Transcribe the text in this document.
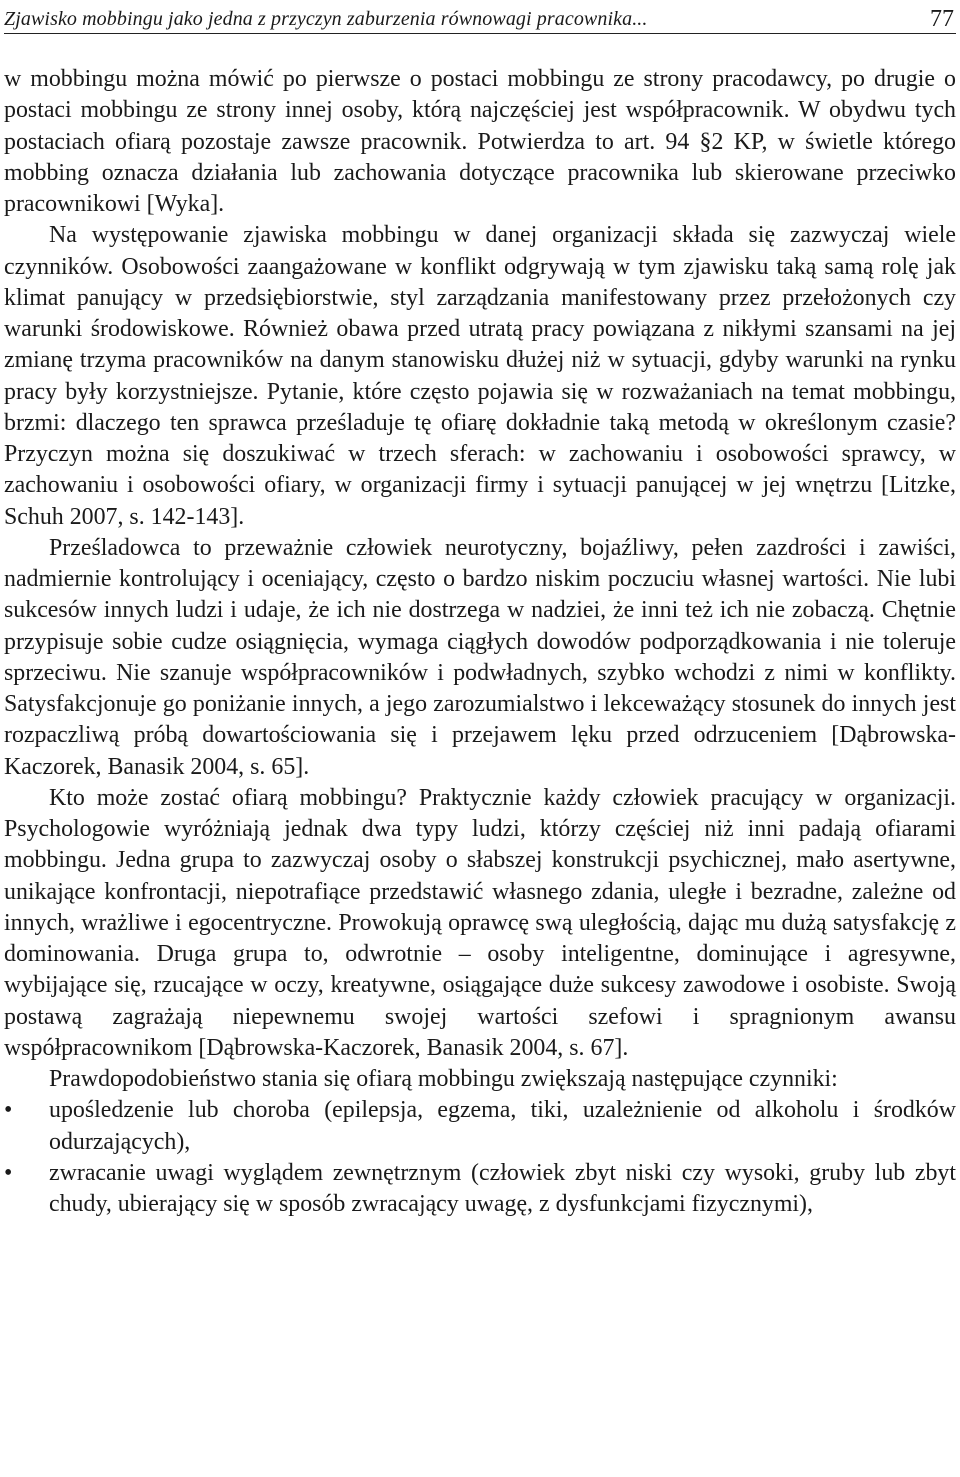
Zjawisko mobbingu jako jedna z przyczyn zaburzenia równowagi pracownika...	77

w mobbingu można mówić po pierwsze o postaci mobbingu ze strony pracodawcy, po drugie o postaci mobbingu ze strony innej osoby, którą najczęściej jest współpracownik. W obydwu tych postaciach ofiarą pozostaje zawsze pracownik. Potwierdza to art. 94 §2 KP, w świetle którego mobbing oznacza działania lub zachowania dotyczące pracownika lub skierowane przeciwko pracownikowi [Wyka].

Na występowanie zjawiska mobbingu w danej organizacji składa się zazwyczaj wiele czynników. Osobowości zaangażowane w konflikt odgrywają w tym zjawisku taką samą rolę jak klimat panujący w przedsiębiorstwie, styl zarządzania manifestowany przez przełożonych czy warunki środowiskowe. Również obawa przed utratą pracy powiązana z nikłymi szansami na jej zmianę trzyma pracowników na danym stanowisku dłużej niż w sytuacji, gdyby warunki na rynku pracy były korzystniejsze. Pytanie, które często pojawia się w rozważaniach na temat mobbingu, brzmi: dlaczego ten sprawca prześladuje tę ofiarę dokładnie taką metodą w określonym czasie? Przyczyn można się doszukiwać w trzech sferach: w zachowaniu i osobowości sprawcy, w zachowaniu i osobowości ofiary, w organizacji firmy i sytuacji panującej w jej wnętrzu [Litzke, Schuh 2007, s. 142-143].

Prześladowca to przeważnie człowiek neurotyczny, bojaźliwy, pełen zazdrości i zawiści, nadmiernie kontrolujący i oceniający, często o bardzo niskim poczuciu własnej wartości. Nie lubi sukcesów innych ludzi i udaje, że ich nie dostrzega w nadziei, że inni też ich nie zobaczą. Chętnie przypisuje sobie cudze osiągnięcia, wymaga ciągłych dowodów podporządkowania i nie toleruje sprzeciwu. Nie szanuje współpracowników i podwładnych, szybko wchodzi z nimi w konflikty. Satysfakcjonuje go poniżanie innych, a jego zarozumialstwo i lekceważący stosunek do innych jest rozpaczliwą próbą dowartościowania się i przejawem lęku przed odrzuceniem [Dąbrowska-Kaczorek, Banasik 2004, s. 65].

Kto może zostać ofiarą mobbingu? Praktycznie każdy człowiek pracujący w organizacji. Psychologowie wyróżniają jednak dwa typy ludzi, którzy częściej niż inni padają ofiarami mobbingu. Jedna grupa to zazwyczaj osoby o słabszej konstrukcji psychicznej, mało asertywne, unikające konfrontacji, niepotrafiące przedstawić własnego zdania, uległe i bezradne, zależne od innych, wrażliwe i egocentryczne. Prowokują oprawcę swą uległością, dając mu dużą satysfakcję z dominowania. Druga grupa to, odwrotnie – osoby inteligentne, dominujące i agresywne, wybijające się, rzucające w oczy, kreatywne, osiągające duże sukcesy zawodowe i osobiste. Swoją postawą zagrażają niepewnemu swojej wartości szefowi i spragnionym awansu współpracownikom [Dąbrowska-Kaczorek, Banasik 2004, s. 67].

Prawdopodobieństwo stania się ofiarą mobbingu zwiększają następujące czynniki:

•	upośledzenie lub choroba (epilepsja, egzema, tiki, uzależnienie od alkoholu i środków odurzających),
•	zwracanie uwagi wyglądem zewnętrznym (człowiek zbyt niski czy wysoki, gruby lub zbyt chudy, ubierający się w sposób zwracający uwagę, z dysfunkcjami fizycznymi),
